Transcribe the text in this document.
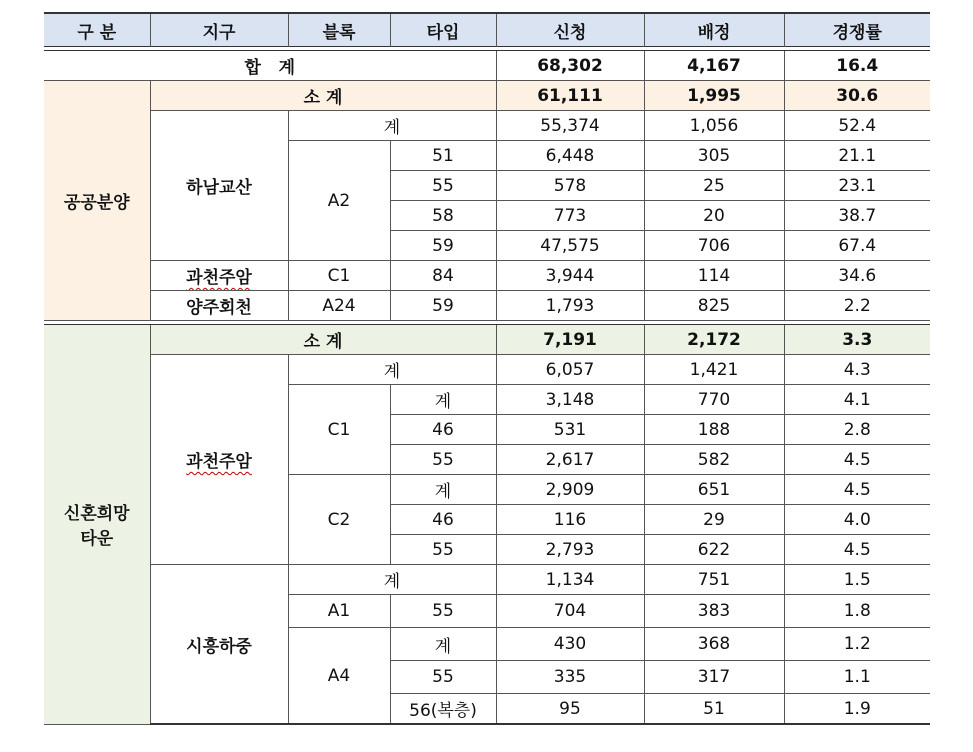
구 분	지구	블록	타입	신청	배정	경쟁률

합   계				68,302	4,167	16.4
공공분양	소 계			61,111	1,995	30.6
	하남교산	계		55,374	1,056	52.4
		A2	51	6,448	305	21.1
			55	578	25	23.1
			58	773	20	38.7
			59	47,575	706	67.4
	과천주암	C1	84	3,944	114	34.6
	양주회천	A24	59	1,793	825	2.2

신혼희망
타운	소 계			7,191	2,172	3.3
	과천주암	계		6,057	1,421	4.3
		C1	계	3,148	770	4.1
			46	531	188	2.8
			55	2,617	582	4.5
		C2	계	2,909	651	4.5
			46	116	29	4.0
			55	2,793	622	4.5
	시흥하중	계		1,134	751	1.5
		A1	55	704	383	1.8
		A4	계	430	368	1.2
			55	335	317	1.1
			56(복층)	95	51	1.9
